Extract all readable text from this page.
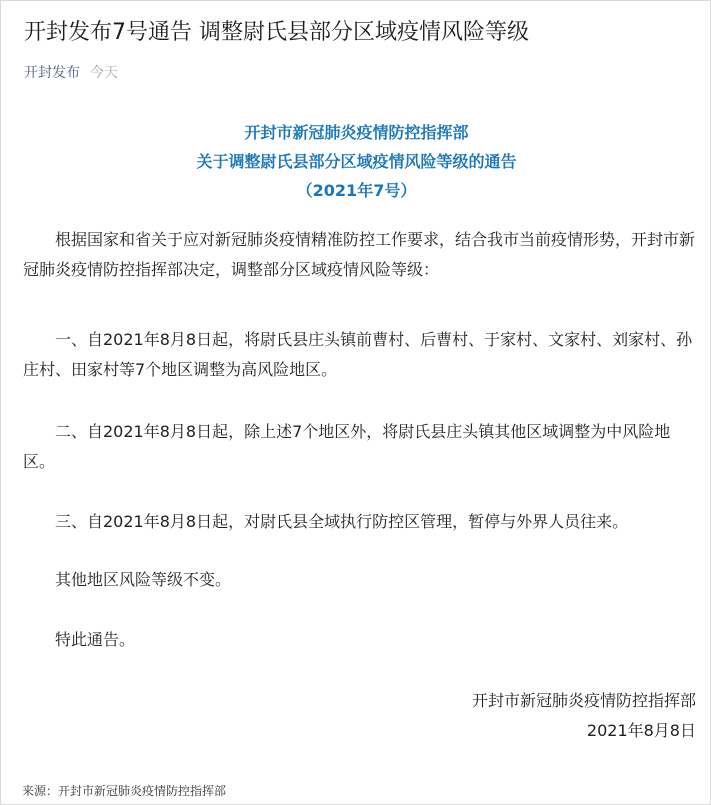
开封发布7号通告 调整尉氏县部分区域疫情风险等级
开封发布 今天
开封市新冠肺炎疫情防控指挥部
关于调整尉氏县部分区域疫情风险等级的通告
（2021年7号）

根据国家和省关于应对新冠肺炎疫情精准防控工作要求，结合我市当前疫情形势，开封市新冠肺炎疫情防控指挥部决定，调整部分区域疫情风险等级：

一、自2021年8月8日起，将尉氏县庄头镇前曹村、后曹村、于家村、文家村、刘家村、孙庄村、田家村等7个地区调整为高风险地区。

二、自2021年8月8日起，除上述7个地区外，将尉氏县庄头镇其他区域调整为中风险地区。

三、自2021年8月8日起，对尉氏县全域执行防控区管理，暂停与外界人员往来。

其他地区风险等级不变。

特此通告。

开封市新冠肺炎疫情防控指挥部
2021年8月8日
来源：开封市新冠肺炎疫情防控指挥部
